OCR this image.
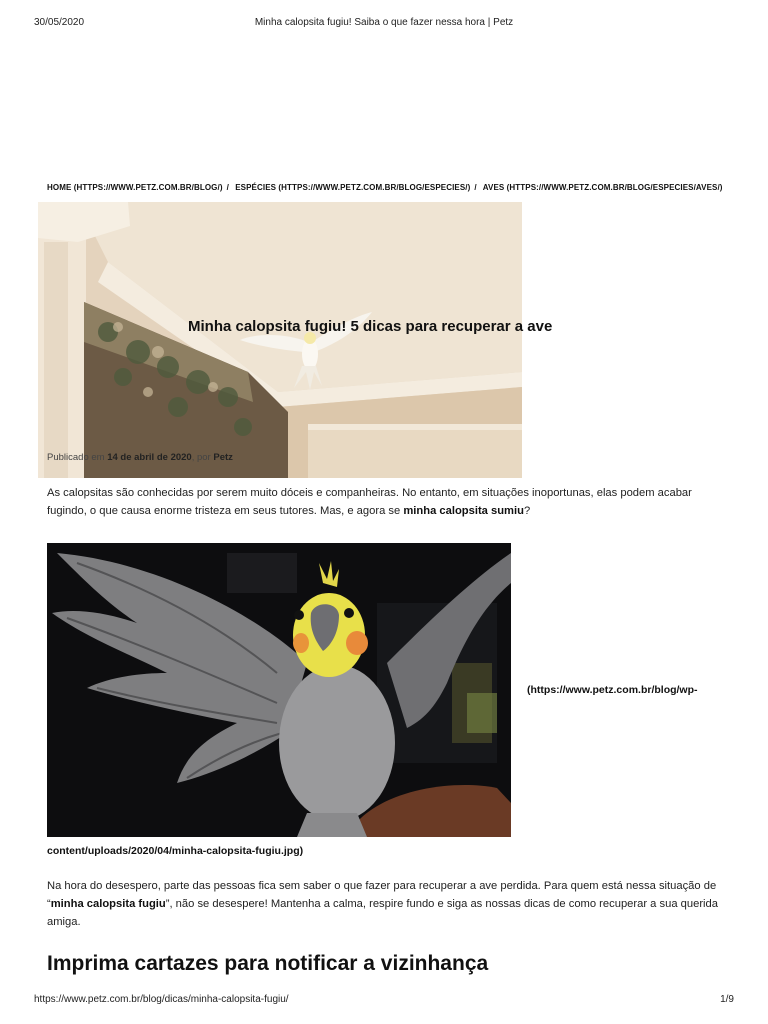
30/05/2020	Minha calopsita fugiu! Saiba o que fazer nessa hora | Petz
HOME (HTTPS://WWW.PETZ.COM.BR/BLOG/) / ESPÉCIES (HTTPS://WWW.PETZ.COM.BR/BLOG/ESPECIES/) / AVES (HTTPS://WWW.PETZ.COM.BR/BLOG/ESPECIES/AVES/)
Minha calopsita fugiu! 5 dicas para recuperar a ave
Publicado em 14 de abril de 2020, por Petz

As calopsitas são conhecidas por serem muito dóceis e companheiras. No entanto, em situações inoportunas, elas podem acabar fugindo, o que causa enorme tristeza em seus tutores. Mas, e agora se minha calopsita sumiu?

(https://www.petz.com.br/blog/wp-
content/uploads/2020/04/minha-calopsita-fugiu.jpg)

Na hora do desespero, parte das pessoas fica sem saber o que fazer para recuperar a ave perdida. Para quem está nessa situação de “minha calopsita fugiu”, não se desespere! Mantenha a calma, respire fundo e siga as nossas dicas de como recuperar a sua querida amiga.

Imprima cartazes para notificar a vizinhança
https://www.petz.com.br/blog/dicas/minha-calopsita-fugiu/	1/9
